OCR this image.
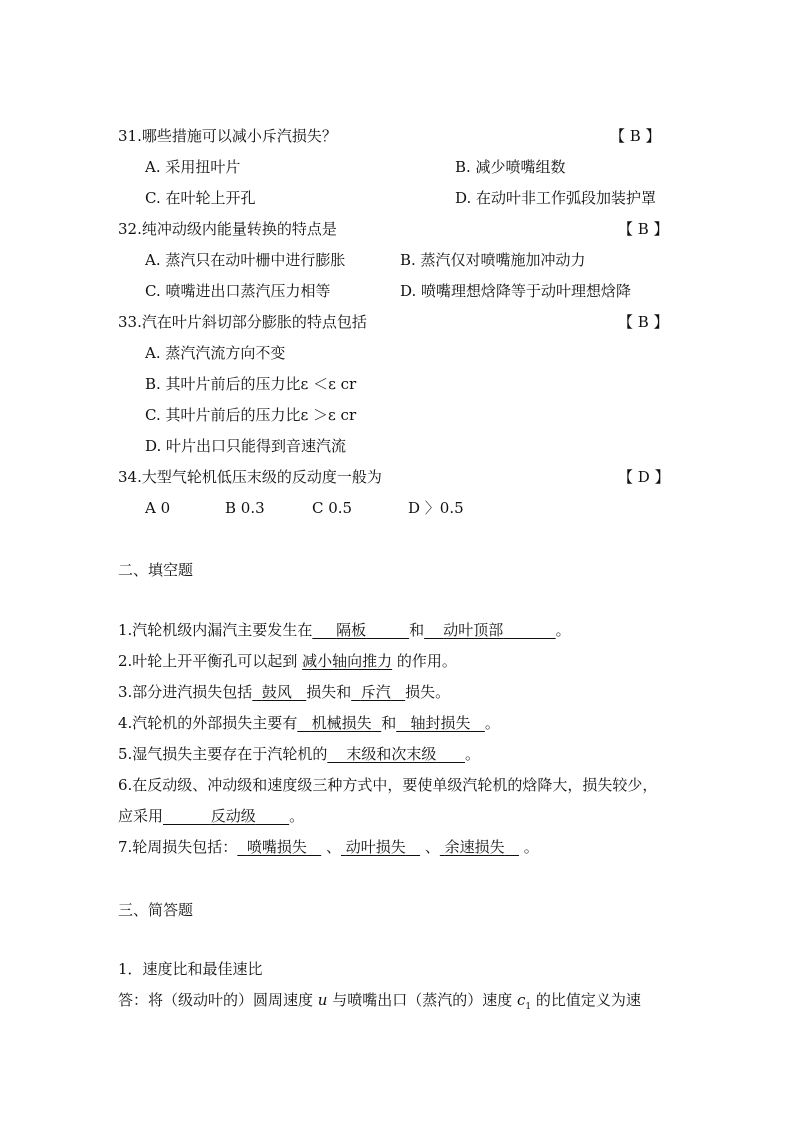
31.哪些措施可以减小斥汽损失？	【 B 】
A. 采用扭叶片	B. 减少喷嘴组数
C. 在叶轮上开孔	D. 在动叶非工作弧段加装护罩
32.纯冲动级内能量转换的特点是	【 B 】
A. 蒸汽只在动叶栅中进行膨胀	B. 蒸汽仅对喷嘴施加冲动力
C. 喷嘴进出口蒸汽压力相等	D. 喷嘴理想焓降等于动叶理想焓降
33.汽在叶片斜切部分膨胀的特点包括	【 B 】
A. 蒸汽汽流方向不变
B. 其叶片前后的压力比ε ＜ε cr
C. 其叶片前后的压力比ε ＞ε cr
D. 叶片出口只能得到音速汽流
34.大型气轮机低压末级的反动度一般为	【 D 】
A 0	B 0.3	C 0.5	D 〉0.5
二、填空题
1.汽轮机级内漏汽主要发生在 隔板	和 动叶顶部	。
2.叶轮上开平衡孔可以起到 减小轴向推力 的作用。
3.部分进汽损失包括 鼓风 损失和 斥汽 损失。
4.汽轮机的外部损失主要有 机械损失 和 轴封损失 。
5.湿气损失主要存在于汽轮机的 末级和次末级 。
6.在反动级、冲动级和速度级三种方式中，要使单级汽轮机的焓降大，损失较少，
应采用	反动级 。
7.轮周损失包括： 喷嘴损失    、 动叶损失    、 余速损失    。
三、简答题
1．速度比和最佳速比
答：将（级动叶的）圆周速度 u 与喷嘴出口（蒸汽的）速度 $c_1$ 的比值定义为速
